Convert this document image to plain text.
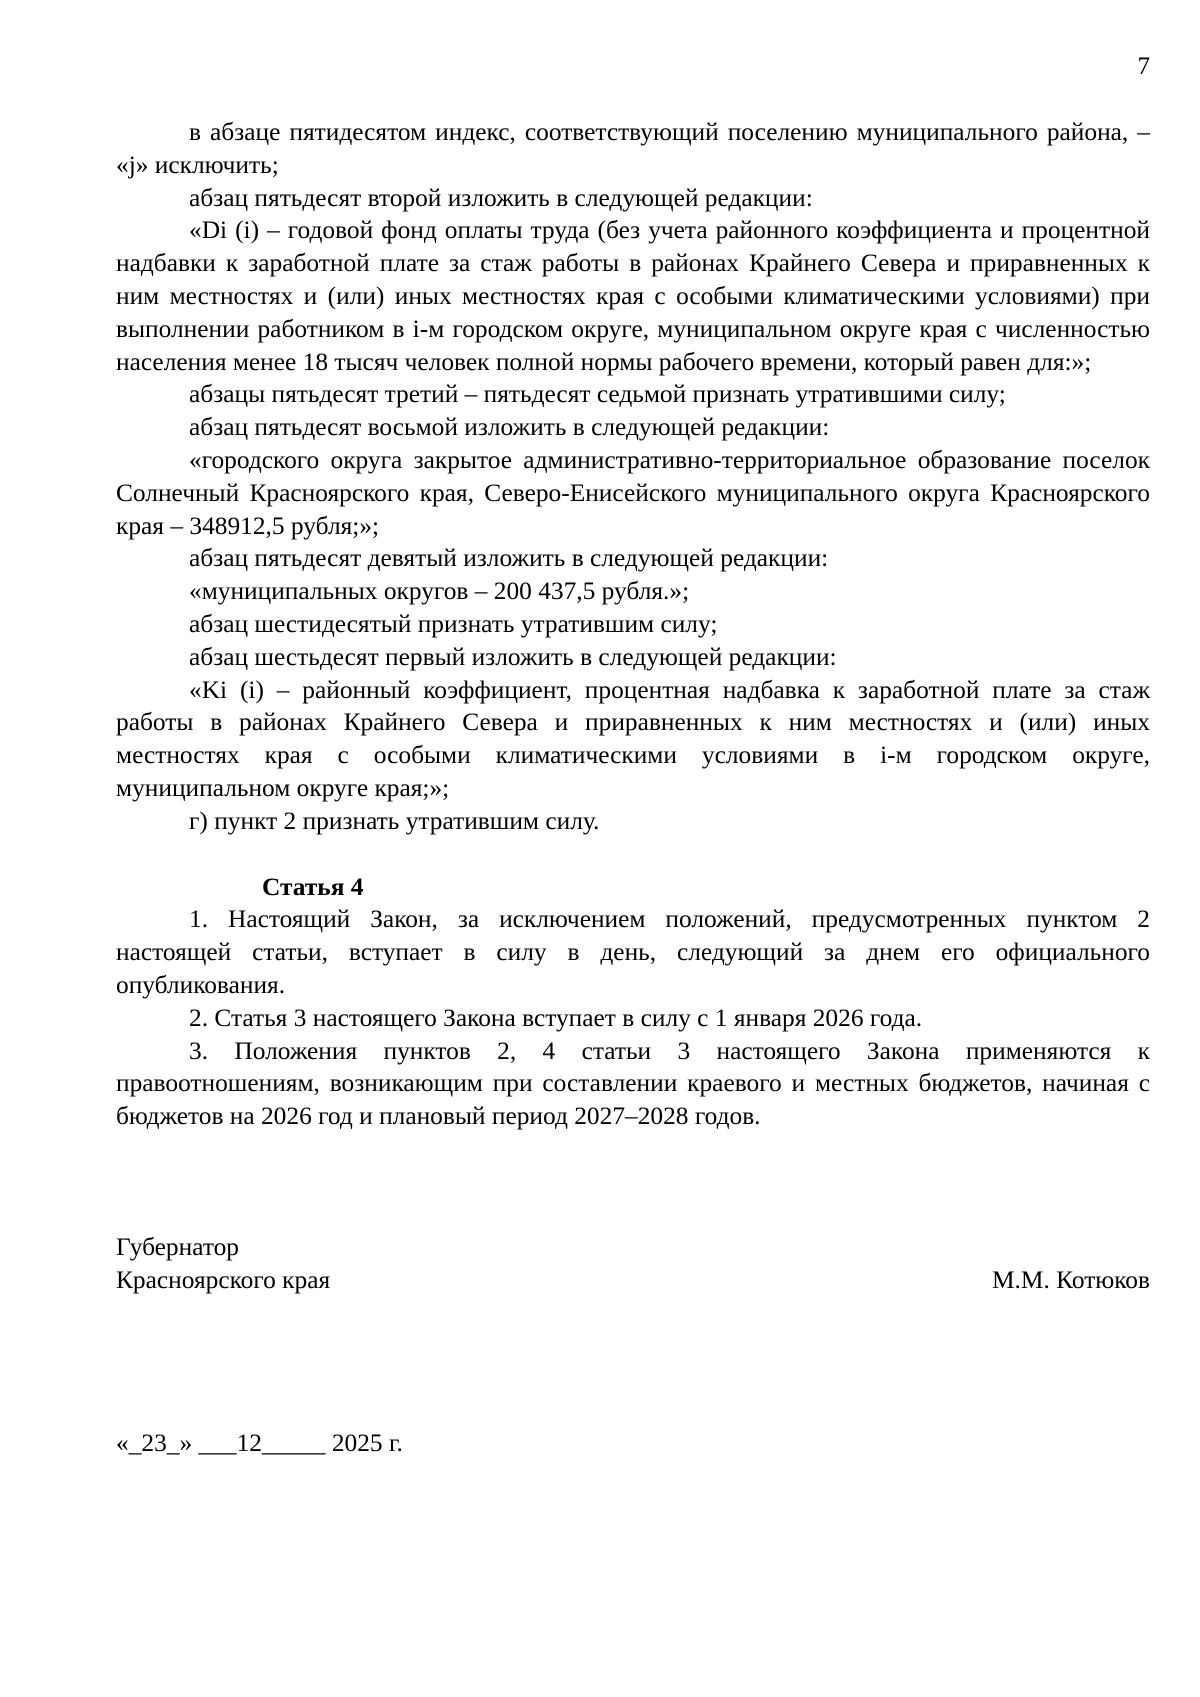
7

в абзаце пятидесятом индекс, соответствующий поселению муниципального района, – «j» исключить;

абзац пятьдесят второй изложить в следующей редакции:

«Di (i) – годовой фонд оплаты труда (без учета районного коэффициента и процентной надбавки к заработной плате за стаж работы в районах Крайнего Севера и приравненных к ним местностях и (или) иных местностях края с особыми климатическими условиями) при выполнении работником в i-м городском округе, муниципальном округе края с численностью населения менее 18 тысяч человек полной нормы рабочего времени, который равен для:»;

абзацы пятьдесят третий – пятьдесят седьмой признать утратившими силу;

абзац пятьдесят восьмой изложить в следующей редакции:

«городского округа закрытое административно-территориальное образование поселок Солнечный Красноярского края, Северо-Енисейского муниципального округа Красноярского края – 348912,5 рубля;»;

абзац пятьдесят девятый изложить в следующей редакции:

«муниципальных округов – 200 437,5 рубля.»;

абзац шестидесятый признать утратившим силу;

абзац шестьдесят первый изложить в следующей редакции:

«Ki (i) – районный коэффициент, процентная надбавка к заработной плате за стаж работы в районах Крайнего Севера и приравненных к ним местностях и (или) иных местностях края с особыми климатическими условиями в i-м городском округе, муниципальном округе края;»;

г) пункт 2 признать утратившим силу.

Статья 4

1. Настоящий Закон, за исключением положений, предусмотренных пунктом 2 настоящей статьи, вступает в силу в день, следующий за днем его официального опубликования.

2. Статья 3 настоящего Закона вступает в силу с 1 января 2026 года.

3. Положения пунктов 2, 4 статьи 3 настоящего Закона применяются к правоотношениям, возникающим при составлении краевого и местных бюджетов, начиная с бюджетов на 2026 год и плановый период 2027–2028 годов.

Губернатор
Красноярского края	М.М. Котюков
«_23_» ___12_____ 2025 г.
